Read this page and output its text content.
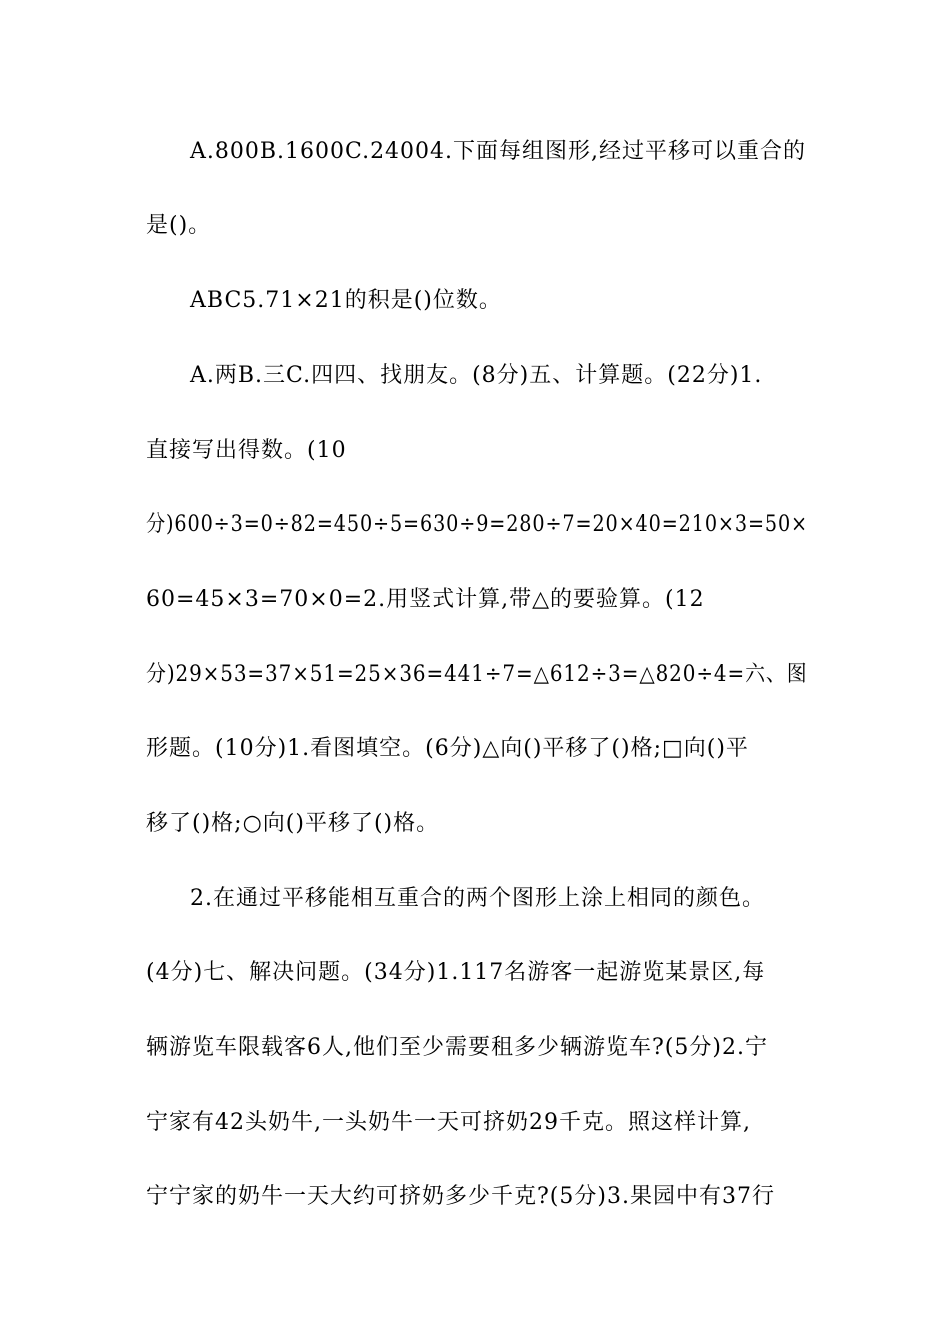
A.800B.1600C.24004.下面每组图形,经过平移可以重合的
是()。
ABC5.71×21的积是()位数。
A.两B.三C.四四、找朋友。(8分)五、计算题。(22分)1.
直接写出得数。(10
分)600÷3=0÷82=450÷5=630÷9=280÷7=20×40=210×3=50×
60=45×3=70×0=2.用竖式计算,带△的要验算。(12
分)29×53=37×51=25×36=441÷7=△612÷3=△820÷4=六、图
形题。(10分)1.看图填空。(6分)△向()平移了()格;□向()平
移了()格;○向()平移了()格。
2.在通过平移能相互重合的两个图形上涂上相同的颜色。
(4分)七、解决问题。(34分)1.117名游客一起游览某景区,每
辆游览车限载客6人,他们至少需要租多少辆游览车?(5分)2.宁
宁家有42头奶牛,一头奶牛一天可挤奶29千克。照这样计算,
宁宁家的奶牛一天大约可挤奶多少千克?(5分)3.果园中有37行
